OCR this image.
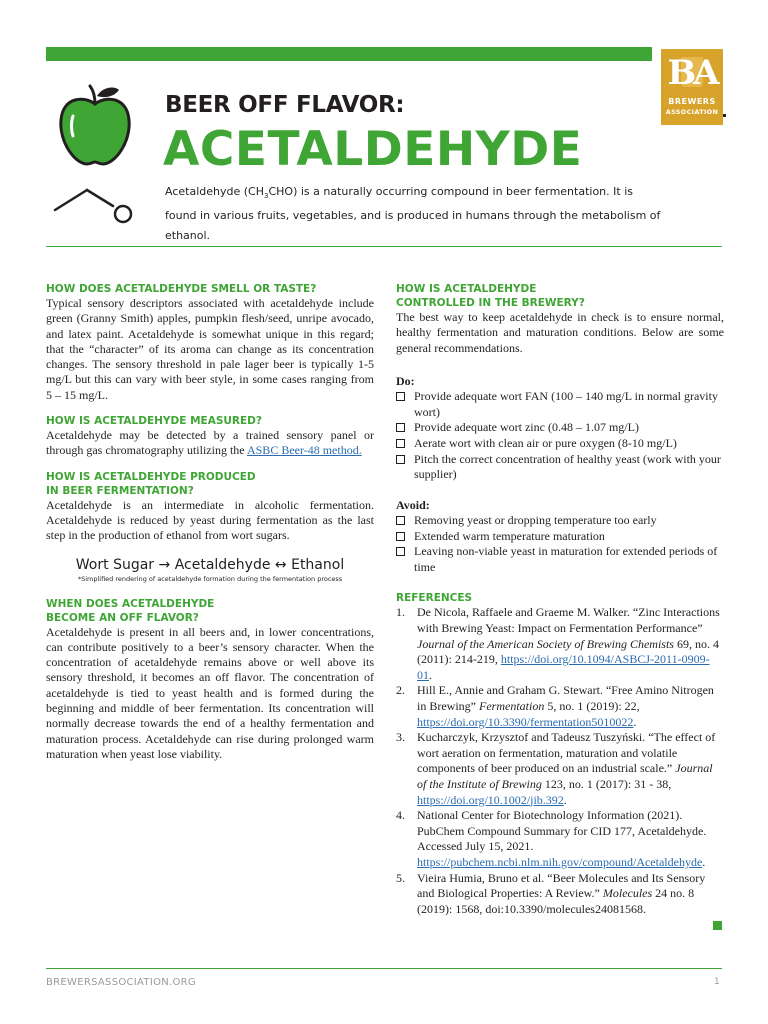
BA
BREWERS
ASSOCIATION
BEER OFF FLAVOR:
ACETALDEHYDE
Acetaldehyde $(CH_3CHO)$ is a naturally occurring compound in beer fermentation. It is found in various fruits, vegetables, and is produced in humans through the metabolism of ethanol.
HOW DOES ACETALDEHYDE SMELL OR TASTE?

Typical sensory descriptors associated with acetaldehyde include green (Granny Smith) apples, pumpkin flesh/seed, unripe avocado, and latex paint. Acetaldehyde is somewhat unique in this regard; that the “character” of its aroma can change as its concentration changes. The sensory threshold in pale lager beer is typically 1-5 mg/L but this can vary with beer style, in some cases ranging from 5 – 15 mg/L.

HOW IS ACETALDEHYDE MEASURED?

Acetaldehyde may be detected by a trained sensory panel or through gas chromatography utilizing the ASBC Beer-48 method.

HOW IS ACETALDEHYDE PRODUCED
IN BEER FERMENTATION?

Acetaldehyde is an intermediate in alcoholic fermentation. Acetaldehyde is reduced by yeast during fermentation as the last step in the production of ethanol from wort sugars.

Wort Sugar → Acetaldehyde ↔ Ethanol
*Simplified rendering of acetaldehyde formation during the fermentation process
WHEN DOES ACETALDEHYDE
BECOME AN OFF FLAVOR?

Acetaldehyde is present in all beers and, in lower concentrations, can contribute positively to a beer’s sensory character. When the concentration of acetaldehyde remains above or well above its sensory threshold, it becomes an off flavor. The concentration of acetaldehyde is tied to yeast health and is formed during the beginning and middle of beer fermentation. Its concentration will normally decrease towards the end of a healthy fermentation and maturation process. Acetaldehyde can rise during prolonged warm maturation when yeast lose viability.

HOW IS ACETALDEHYDE
CONTROLLED IN THE BREWERY?

The best way to keep acetaldehyde in check is to ensure normal, healthy fermentation and maturation conditions. Below are some general recommendations.

Do:
Provide adequate wort FAN (100 – 140 mg/L in normal gravity wort)
Provide adequate wort zinc (0.48 – 1.07 mg/L)
Aerate wort with clean air or pure oxygen (8-10 mg/L)
Pitch the correct concentration of healthy yeast (work with your supplier)
Avoid:
Removing yeast or dropping temperature too early
Extended warm temperature maturation
Leaving non-viable yeast in maturation for extended periods of time
REFERENCES
1. De Nicola, Raffaele and Graeme M. Walker. “Zinc Interactions with Brewing Yeast: Impact on Fermentation Performance” Journal of the American Society of Brewing Chemists 69, no. 4 (2011): 214-219, https://doi.org/10.1094/ASBCJ-2011-0909-01.
2. Hill E., Annie and Graham G. Stewart. “Free Amino Nitrogen in Brewing” Fermentation 5, no. 1 (2019): 22, https://doi.org/10.3390/fermentation5010022.
3. Kucharczyk, Krzysztof and Tadeusz Tuszyński. “The effect of wort aeration on fermentation, maturation and volatile components of beer produced on an industrial scale.” Journal of the Institute of Brewing 123, no. 1 (2017): 31 - 38, https://doi.org/10.1002/jib.392.
4. National Center for Biotechnology Information (2021). PubChem Compound Summary for CID 177, Acetaldehyde. Accessed July 15, 2021. https://pubchem.ncbi.nlm.nih.gov/compound/Acetaldehyde.
5. Vieira Humia, Bruno et al. “Beer Molecules and Its Sensory and Biological Properties: A Review.” Molecules 24 no. 8 (2019): 1568, doi:10.3390/molecules24081568.
BREWERSASSOCIATION.ORG	1
